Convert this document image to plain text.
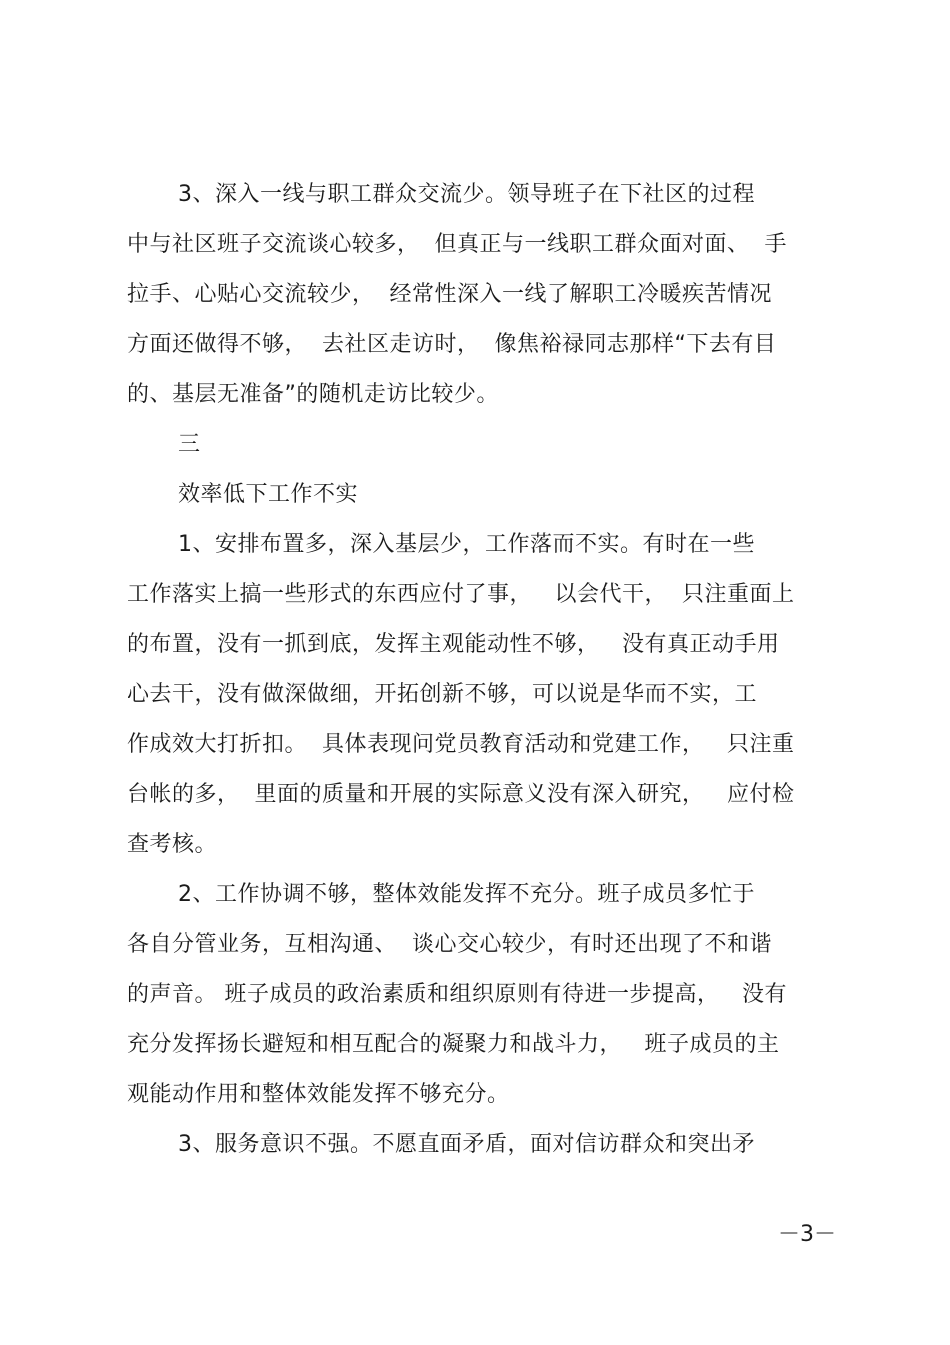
3、深入一线与职工群众交流少。领导班子在下社区的过程
中与社区班子交流谈心较多，  但真正与一线职工群众面对面、  手
拉手、心贴心交流较少，  经常性深入一线了解职工冷暖疾苦情况
方面还做得不够，  去社区走访时，  像焦裕禄同志那样“下去有目
的、基层无准备”的随机走访比较少。
三
效率低下工作不实
1、安排布置多，深入基层少，工作落而不实。有时在一些
工作落实上搞一些形式的东西应付了事，   以会代干，  只注重面上
的布置，没有一抓到底，发挥主观能动性不够，   没有真正动手用
心去干，没有做深做细，开拓创新不够，可以说是华而不实，工
作成效大打折扣。  具体表现问党员教育活动和党建工作，   只注重
台帐的多，  里面的质量和开展的实际意义没有深入研究，   应付检
查考核。
2、工作协调不够，整体效能发挥不充分。班子成员多忙于
各自分管业务，互相沟通、  谈心交心较少，有时还出现了不和谐
的声音。 班子成员的政治素质和组织原则有待进一步提高，   没有
充分发挥扬长避短和相互配合的凝聚力和战斗力，   班子成员的主
观能动作用和整体效能发挥不够充分。
3、服务意识不强。不愿直面矛盾，面对信访群众和突出矛
－3－
